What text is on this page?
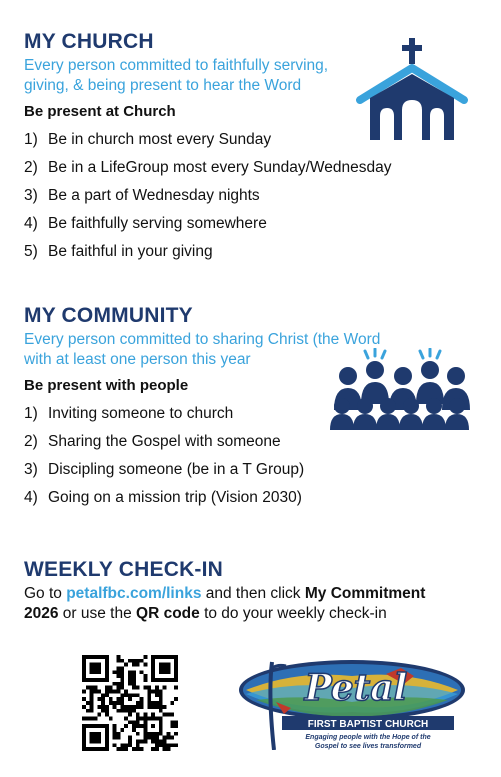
MY CHURCH
Every person committed to faithfully serving,
giving, & being present to hear the Word
Be present at Church
1) Be in church most every Sunday
2) Be in a LifeGroup most every Sunday/Wednesday
3) Be a part of Wednesday nights
4) Be faithfully serving somewhere
5) Be faithful in your giving
MY COMMUNITY
Every person committed to sharing Christ (the Word
with at least one person this year
Be present with people
1) Inviting someone to church
2) Sharing the Gospel with someone
3) Discipling someone (be in a T Group)
4) Going on a mission trip (Vision 2030)
WEEKLY CHECK-IN
Go to petalfbc.com/links and then click My Commitment
2026 or use the QR code to do your weekly check-in
Petal
FIRST BAPTIST CHURCH
Engaging people with the Hope of the
Gospel to see lives transformed
